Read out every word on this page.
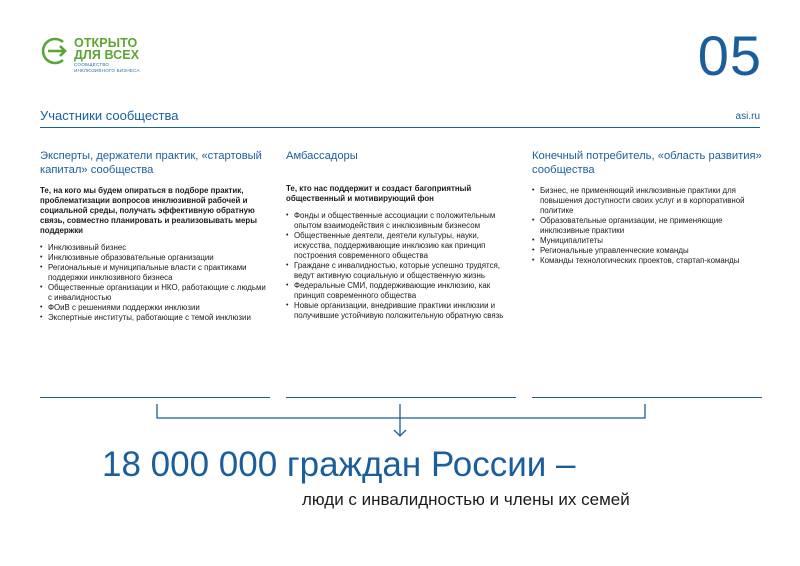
ОТКРЫТО
ДЛЯ ВСЕХ
СООБЩЕСТВО
ИНКЛЮЗИВНОГО БИЗНЕСА	05
Участники сообщества	asi.ru
Эксперты, держатели практик, «стартовый капитал» сообщества
Те, на кого мы будем опираться в подборе практик, проблематизации вопросов инклюзивной рабочей и социальной среды, получать эффективную обратную связь, совместно планировать и реализовывать меры поддержки
• Инклюзивный бизнес
• Инклюзивные образовательные организации
• Региональные и муниципальные власти с практиками поддержки инклюзивного бизнеса
• Общественные организации и НКО, работающие с людьми с инвалидностью
• ФОиВ с решениями поддержки инклюзии
• Экспертные институты, работающие с темой инклюзии
Амбассадоры
Те, кто нас поддержит и создаст багоприятный общественный и мотивирующий фон
• Фонды и общественные ассоциации с положительным опытом взаимодействия с инклюзивным бизнесом
• Общественные деятели, деятели культуры, науки, искусства, поддерживающие инклюзию как принцип построения современного общества
• Граждане с инвалидностью, которые успешно трудятся, ведут активную социальную и общественную жизнь
• Федеральные СМИ, поддерживающие инклюзию, как принцип современного общества
• Новые организации, внедрившие практики инклюзии и получившие устойчивую положительную обратную связь
Конечный потребитель, «область развития» сообщества
• Бизнес, не применяющий инклюзивные практики для повышения доступности своих услуг и в корпоративной политике
• Образовательные организации, не применяющие инклюзивные практики
• Муниципалитеты
• Региональные управленческие команды
• Команды технологических проектов, стартап-команды
18 000 000 граждан России –
люди с инвалидностью и члены их семей
